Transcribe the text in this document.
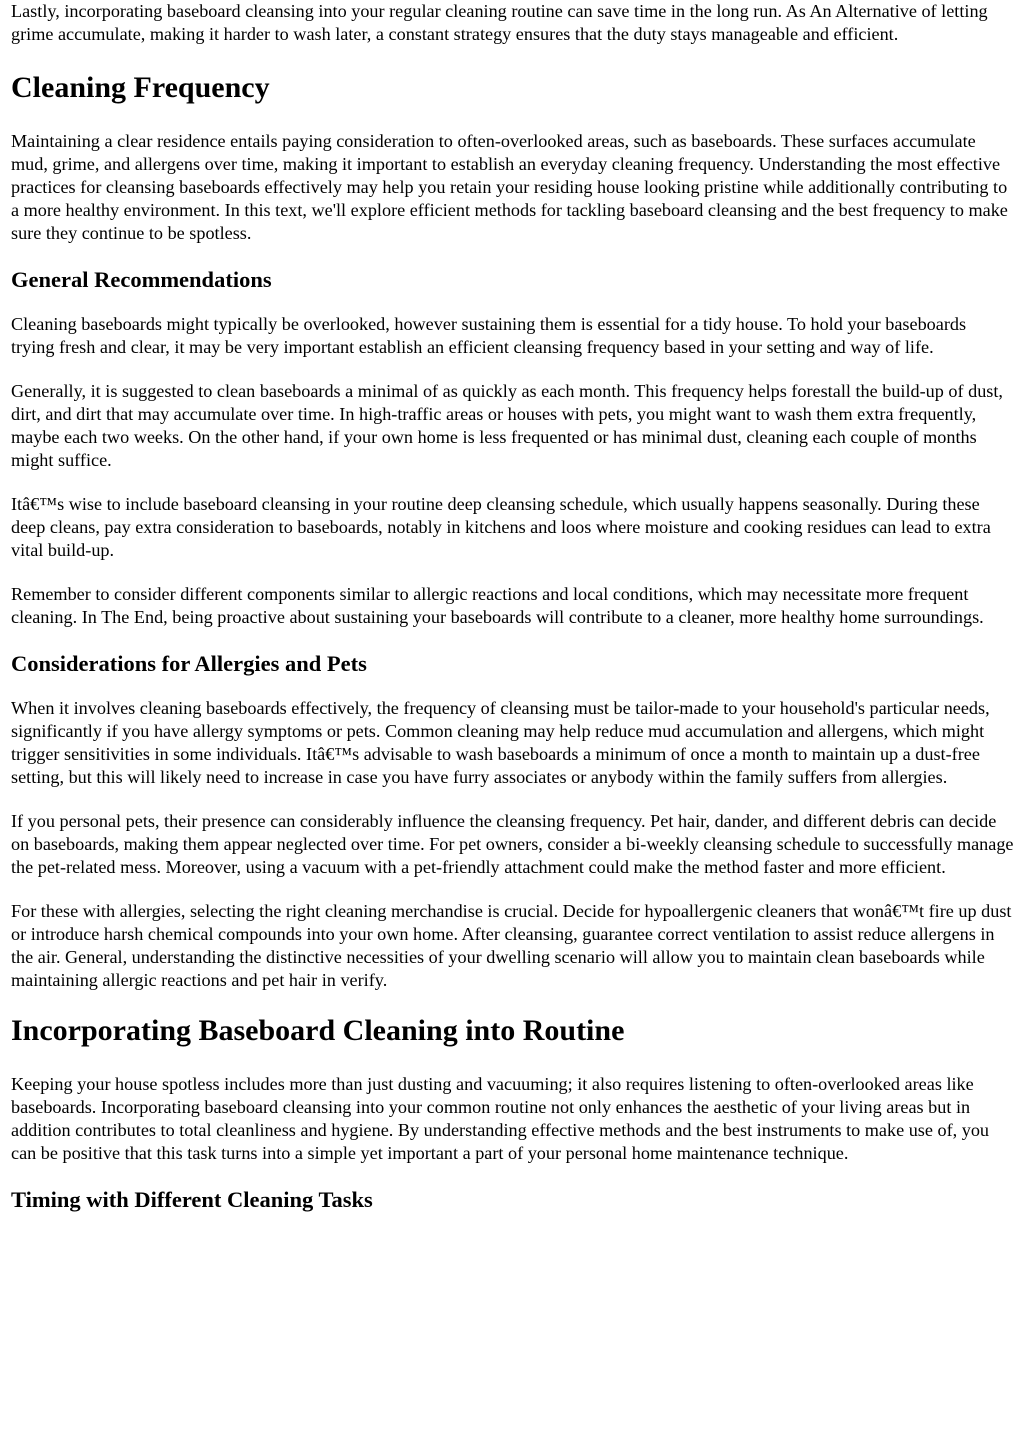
Lastly, incorporating baseboard cleansing into your regular cleaning routine can save time in the long run. As An Alternative of letting grime accumulate, making it harder to wash later, a constant strategy ensures that the duty stays manageable and efficient.

Cleaning Frequency

Maintaining a clear residence entails paying consideration to often-overlooked areas, such as baseboards. These surfaces accumulate mud, grime, and allergens over time, making it important to establish an everyday cleaning frequency. Understanding the most effective practices for cleansing baseboards effectively may help you retain your residing house looking pristine while additionally contributing to a more healthy environment. In this text, we'll explore efficient methods for tackling baseboard cleansing and the best frequency to make sure they continue to be spotless.

General Recommendations

Cleaning baseboards might typically be overlooked, however sustaining them is essential for a tidy house. To hold your baseboards trying fresh and clear, it may be very important establish an efficient cleansing frequency based in your setting and way of life.

Generally, it is suggested to clean baseboards a minimal of as quickly as each month. This frequency helps forestall the build-up of dust, dirt, and dirt that may accumulate over time. In high-traffic areas or houses with pets, you might want to wash them extra frequently, maybe each two weeks. On the other hand, if your own home is less frequented or has minimal dust, cleaning each couple of months might suffice.

Itâ€™s wise to include baseboard cleansing in your routine deep cleansing schedule, which usually happens seasonally. During these deep cleans, pay extra consideration to baseboards, notably in kitchens and loos where moisture and cooking residues can lead to extra vital build-up.

Remember to consider different components similar to allergic reactions and local conditions, which may necessitate more frequent cleaning. In The End, being proactive about sustaining your baseboards will contribute to a cleaner, more healthy home surroundings.

Considerations for Allergies and Pets

When it involves cleaning baseboards effectively, the frequency of cleansing must be tailor-made to your household's particular needs, significantly if you have allergy symptoms or pets. Common cleaning may help reduce mud accumulation and allergens, which might trigger sensitivities in some individuals. Itâ€™s advisable to wash baseboards a minimum of once a month to maintain up a dust-free setting, but this will likely need to increase in case you have furry associates or anybody within the family suffers from allergies.

If you personal pets, their presence can considerably influence the cleansing frequency. Pet hair, dander, and different debris can decide on baseboards, making them appear neglected over time. For pet owners, consider a bi-weekly cleansing schedule to successfully manage the pet-related mess. Moreover, using a vacuum with a pet-friendly attachment could make the method faster and more efficient.

For these with allergies, selecting the right cleaning merchandise is crucial. Decide for hypoallergenic cleaners that wonâ€™t fire up dust or introduce harsh chemical compounds into your own home. After cleansing, guarantee correct ventilation to assist reduce allergens in the air. General, understanding the distinctive necessities of your dwelling scenario will allow you to maintain clean baseboards while maintaining allergic reactions and pet hair in verify.

Incorporating Baseboard Cleaning into Routine

Keeping your house spotless includes more than just dusting and vacuuming; it also requires listening to often-overlooked areas like baseboards. Incorporating baseboard cleansing into your common routine not only enhances the aesthetic of your living areas but in addition contributes to total cleanliness and hygiene. By understanding effective methods and the best instruments to make use of, you can be positive that this task turns into a simple yet important a part of your personal home maintenance technique.

Timing with Different Cleaning Tasks
